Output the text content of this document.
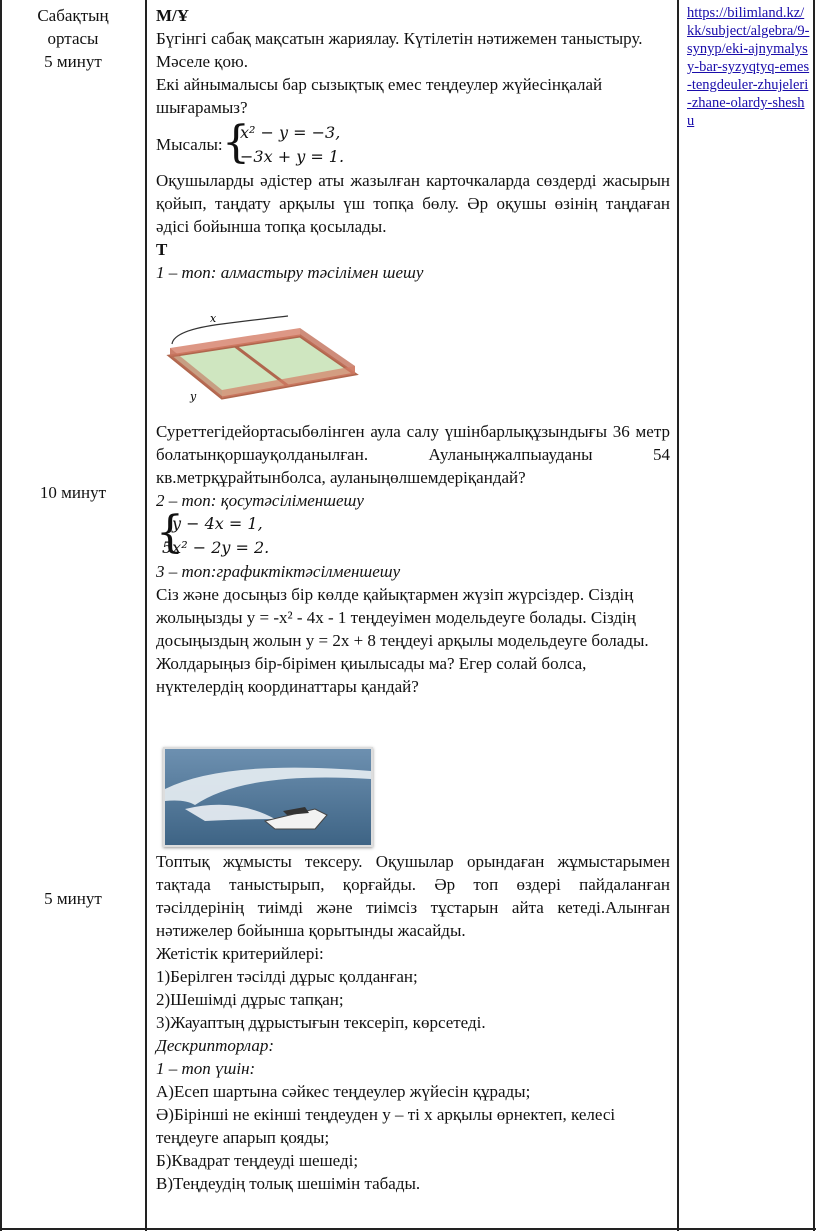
Сабақтың
ортасы
5 минут
10 минут
5 минут
https://bilimland.kz/kk/subject/algebra/9-synyp/eki-ajnymalysy-bar-syzyqtyq-emes-tengdeuler-zhujeleri-zhane-olardy-sheshu
М/Ұ
Бүгінгі сабақ мақсатын жариялау. Күтілетін нәтижемен таныстыру.
Мәселе қою.
Екі айнымалысы бар сызықтық емес теңдеулер жүйесінқалай шығарамыз?
Мысалы: {
x² − y = −3,
−3x + y = 1.
Оқушыларды әдістер аты жазылған карточкаларда сөздерді жасырын қойып, таңдату арқылы үш топқа бөлу. Әр оқушы өзінің таңдаған әдісі бойынша топқа қосылады.
Т
1 – топ: алмастыру тәсілімен шешу
x
y
Суреттегідейортасыбөлінген аула салу үшінбарлықұзындығы 36 метр болатынқоршауқолданылған. Ауланыңжалпыауданы 54 кв.метрқұрайтынболса, ауланыңөлшемдеріқандай?
2 – топ: қосутәсіліменшешу
{
y − 4x = 1,
5x² − 2y = 2.
3 – топ:графиктіктәсілменшешу
Сіз және досыңыз бір көлде қайықтармен жүзіп жүрсіздер. Сіздің жолыңызды y = -x² - 4x - 1 теңдеуімен модельдеуге болады. Сіздің досыңыздың жолын y = 2x + 8 теңдеуі арқылы модельдеуге болады. Жолдарыңыз бір-бірімен қиылысады ма? Егер солай болса, нүктелердің координаттары қандай?
Топтық жұмысты тексеру. Оқушылар орындаған жұмыстарымен тақтада таныстырып, қорғайды. Әр топ өздері пайдаланған тәсілдерінің тиімді және тиімсіз тұстарын айта кетеді.Алынған нәтижелер бойынша қорытынды жасайды.
Жетістік критерийлері:
1)Берілген тәсілді дұрыс қолданған;
2)Шешімді дұрыс тапқан;
3)Жауаптың дұрыстығын тексеріп, көрсетеді.
Дескрипторлар:
1 – топ үшін:
А)Есеп шартына сәйкес теңдеулер жүйесін құрады;
Ә)Бірінші не екінші теңдеуден у – ті х арқылы өрнектеп, келесі теңдеуге апарып қояды;
Б)Квадрат теңдеуді шешеді;
В)Теңдеудің толық шешімін табады.
